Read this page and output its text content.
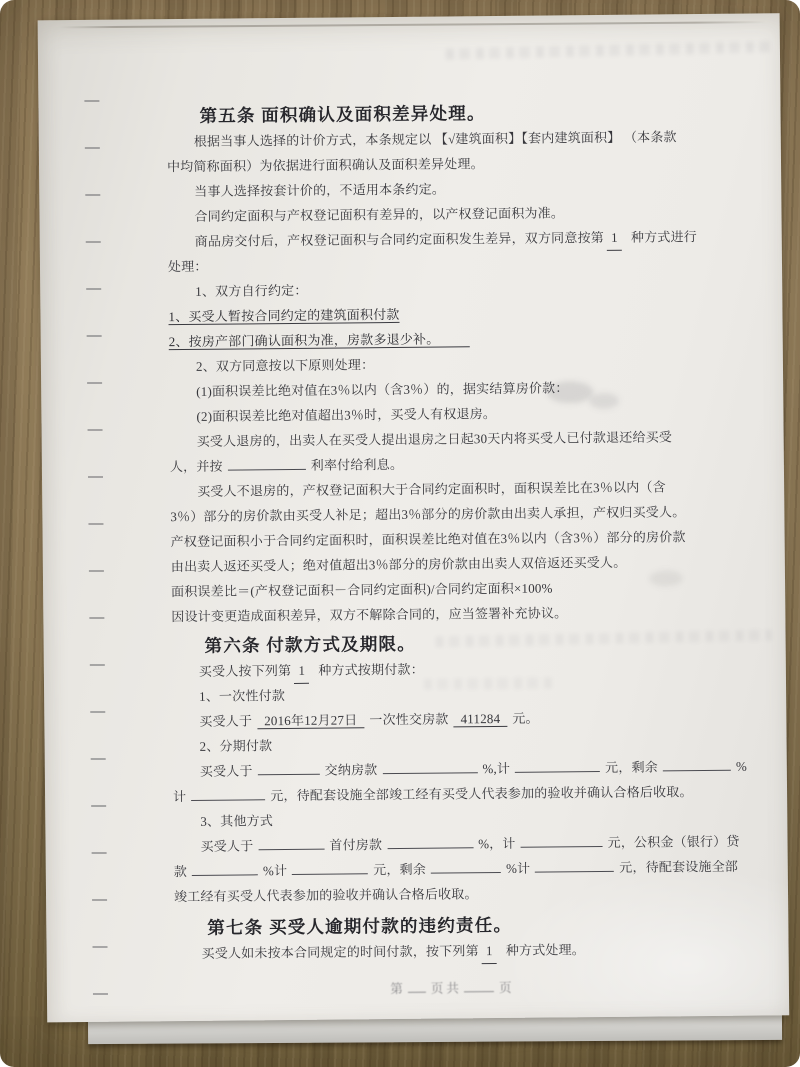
第五条 面积确认及面积差异处理。
根据当事人选择的计价方式，本条规定以 【√建筑面积】【套内建筑面积】 （本条款
中均简称面积）为依据进行面积确认及面积差异处理。
当事人选择按套计价的，不适用本条约定。
合同约定面积与产权登记面积有差异的，以产权登记面积为准。
商品房交付后，产权登记面积与合同约定面积发生差异，双方同意按第 1 种方式进行
处理：
1、双方自行约定：
1、买受人暂按合同约定的建筑面积付款
2、按房产部门确认面积为准，房款多退少补。
2、双方同意按以下原则处理：
(1)面积误差比绝对值在3％以内（含3％）的，据实结算房价款：
(2)面积误差比绝对值超出3％时，买受人有权退房。
买受人退房的，出卖人在买受人提出退房之日起30天内将买受人已付款退还给买受
人，并按	利率付给利息。
买受人不退房的，产权登记面积大于合同约定面积时，面积误差比在3％以内（含
3％）部分的房价款由买受人补足；超出3％部分的房价款由出卖人承担，产权归买受人。
产权登记面积小于合同约定面积时，面积误差比绝对值在3％以内（含3％）部分的房价款
由出卖人返还买受人；绝对值超出3％部分的房价款由出卖人双倍返还买受人。
面积误差比＝(产权登记面积－合同约定面积)/合同约定面积×100%
因设计变更造成面积差异，双方不解除合同的，应当签署补充协议。
第六条 付款方式及期限。
买受人按下列第 1 种方式按期付款：
1、一次性付款
买受人于 2016年12月27日 一次性交房款 411284 元。
2、分期付款
买受人于	交纳房款	%,计	元，剩余	%
计	元，待配套设施全部竣工经有买受人代表参加的验收并确认合格后收取。
3、其他方式
买受人于	首付房款	%，计	元，公积金（银行）贷
款	%计	元，剩余	%计	元，待配套设施全部
竣工经有买受人代表参加的验收并确认合格后收取。
第七条 买受人逾期付款的违约责任。
买受人如未按本合同规定的时间付款，按下列第 1 种方式处理。
第 页 共	页
